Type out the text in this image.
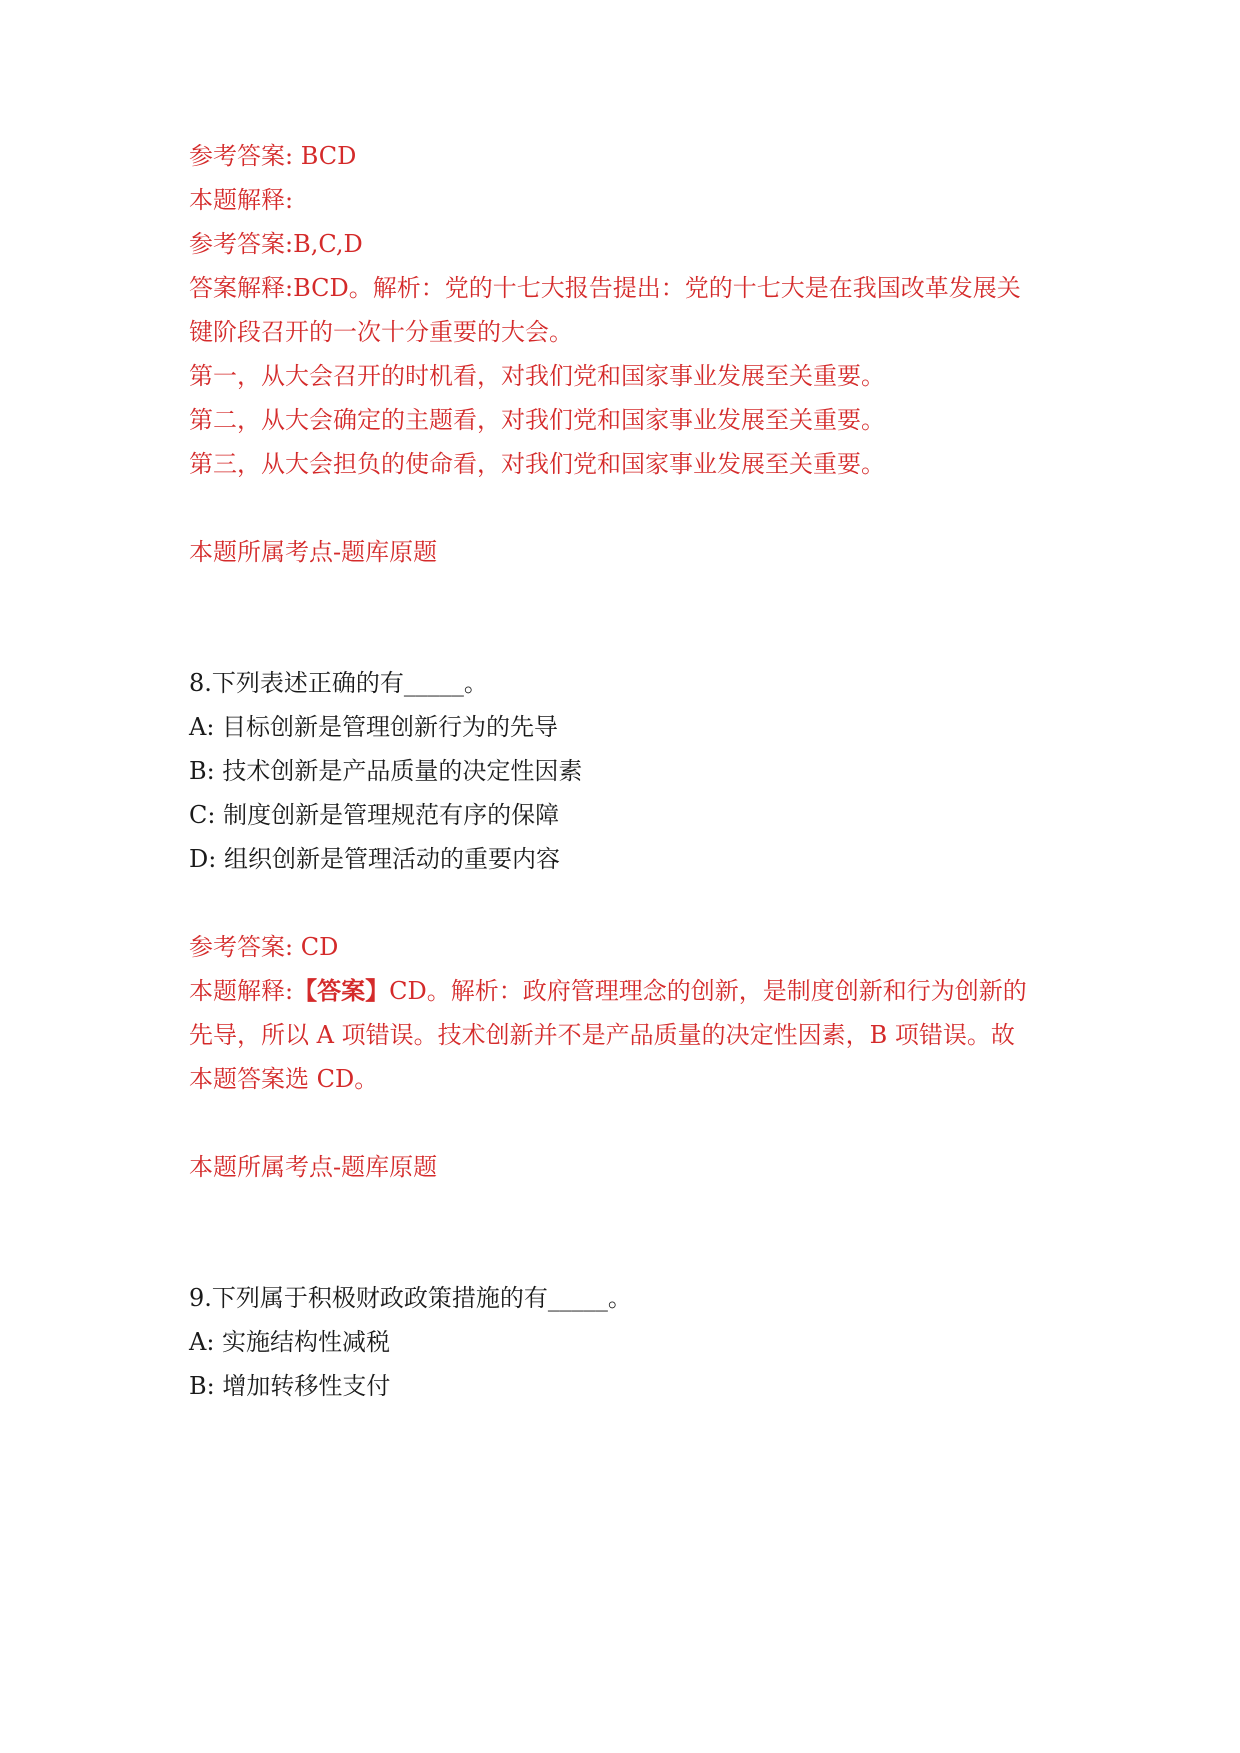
参考答案: BCD
本题解释:
参考答案:B,C,D
答案解释:BCD。解析：党的十七大报告提出：党的十七大是在我国改革发展关
键阶段召开的一次十分重要的大会。
第一，从大会召开的时机看，对我们党和国家事业发展至关重要。
第二，从大会确定的主题看，对我们党和国家事业发展至关重要。
第三，从大会担负的使命看，对我们党和国家事业发展至关重要。
本题所属考点-题库原题
8.下列表述正确的有_____。
A: 目标创新是管理创新行为的先导
B: 技术创新是产品质量的决定性因素
C: 制度创新是管理规范有序的保障
D: 组织创新是管理活动的重要内容
参考答案: CD
本题解释:【答案】CD。解析：政府管理理念的创新，是制度创新和行为创新的
先导，所以 A 项错误。技术创新并不是产品质量的决定性因素，B 项错误。故
本题答案选 CD。
本题所属考点-题库原题
9.下列属于积极财政政策措施的有_____。
A: 实施结构性减税
B: 增加转移性支付
